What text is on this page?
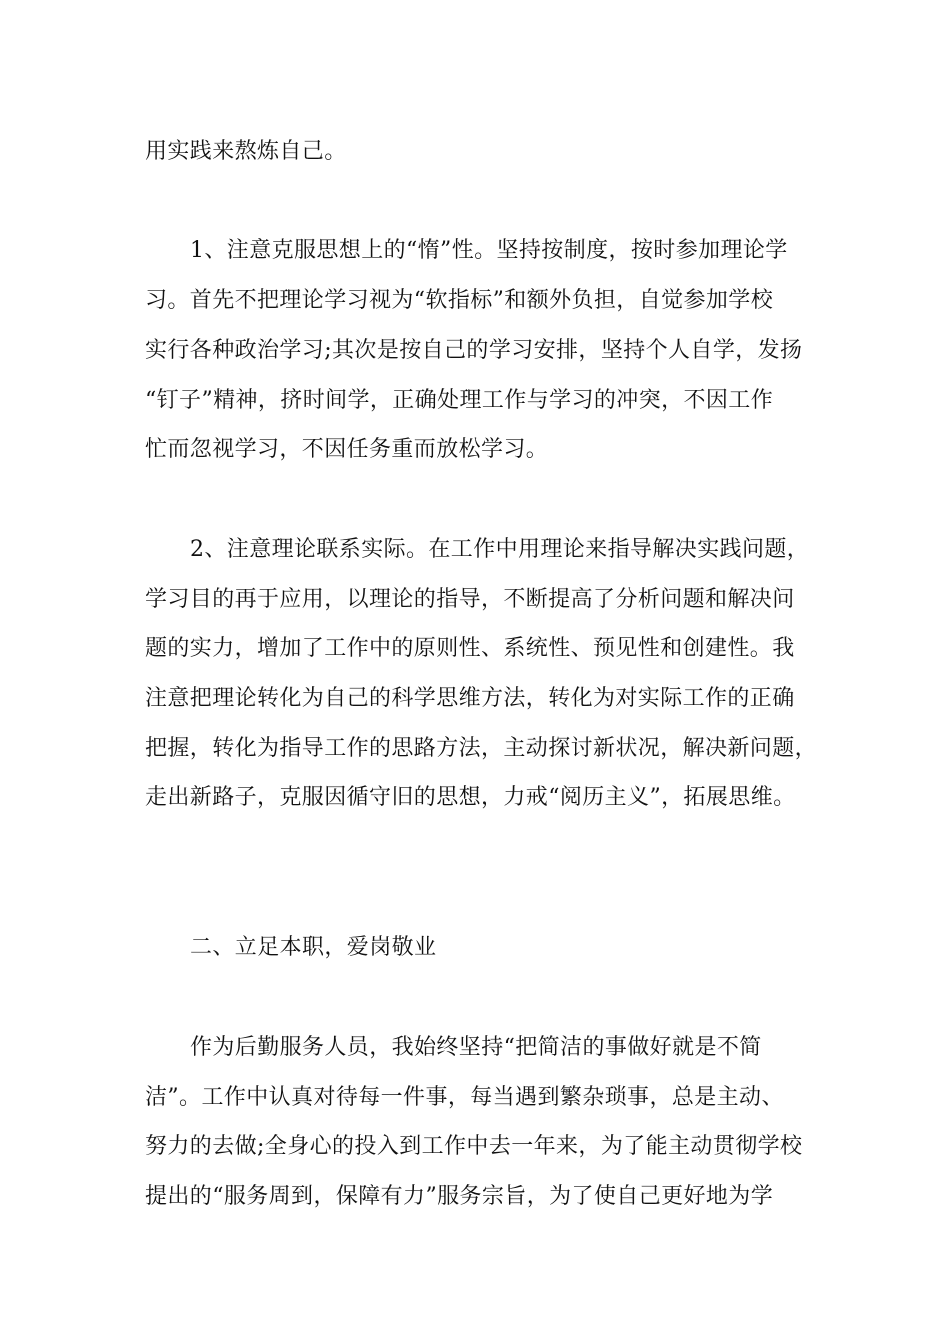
用实践来熬炼自己。
1、注意克服思想上的“惰”性。坚持按制度，按时参加理论学
习。首先不把理论学习视为“软指标”和额外负担，自觉参加学校
实行各种政治学习;其次是按自己的学习安排，坚持个人自学，发扬
“钉子”精神，挤时间学，正确处理工作与学习的冲突，不因工作
忙而忽视学习，不因任务重而放松学习。
2、注意理论联系实际。在工作中用理论来指导解决实践问题，
学习目的再于应用，以理论的指导，不断提高了分析问题和解决问
题的实力，增加了工作中的原则性、系统性、预见性和创建性。我
注意把理论转化为自己的科学思维方法，转化为对实际工作的正确
把握，转化为指导工作的思路方法，主动探讨新状况，解决新问题，
走出新路子，克服因循守旧的思想，力戒“阅历主义”，拓展思维。
二、立足本职，爱岗敬业
作为后勤服务人员，我始终坚持“把简洁的事做好就是不简
洁”。工作中认真对待每一件事，每当遇到繁杂琐事，总是主动、
努力的去做;全身心的投入到工作中去一年来，为了能主动贯彻学校
提出的“服务周到，保障有力”服务宗旨，为了使自己更好地为学
